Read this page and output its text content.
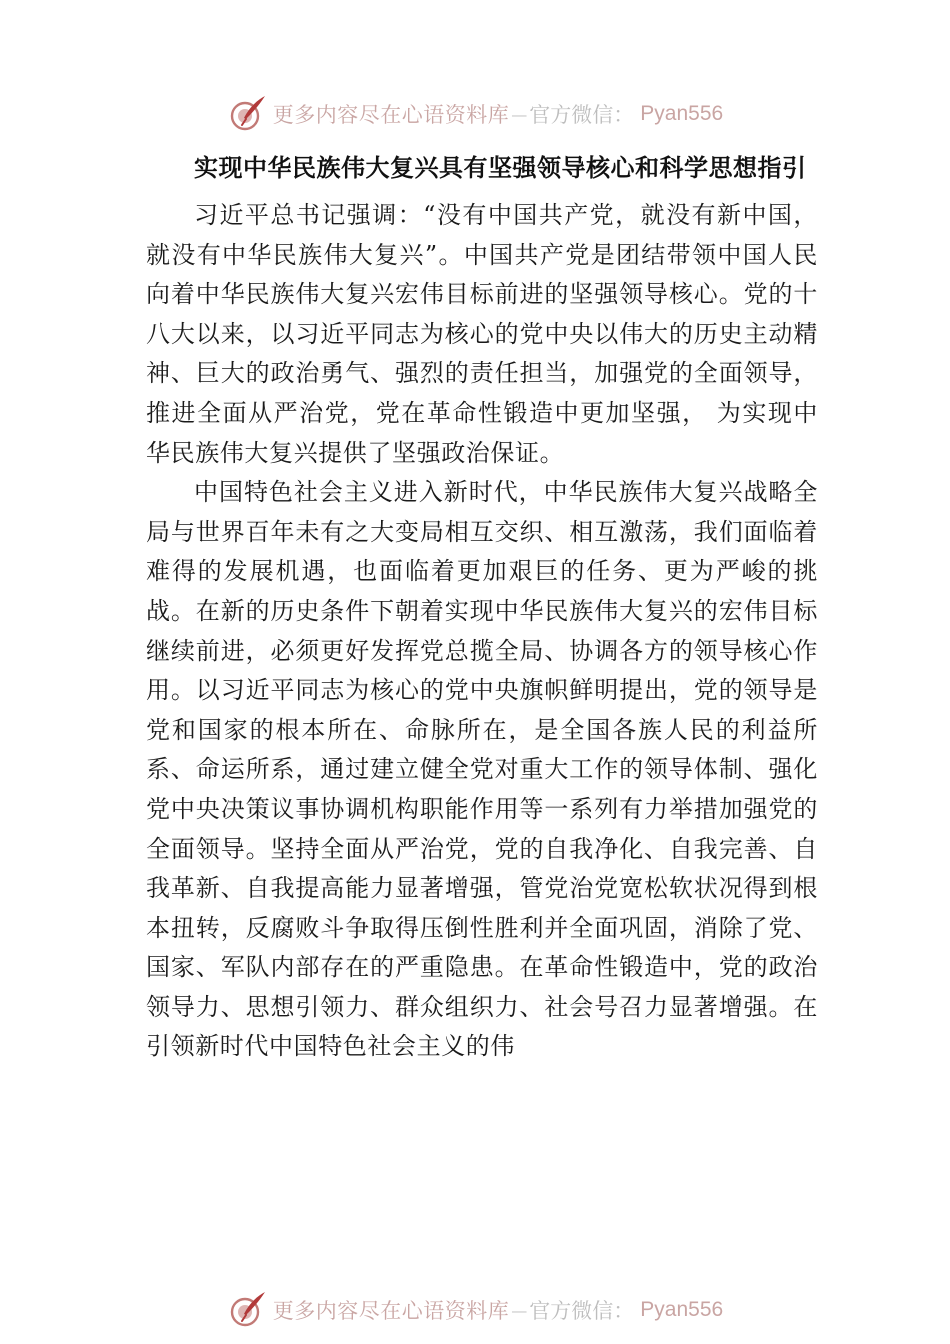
更多内容尽在心语资料库 — 官方微信： Pyan556
实现中华民族伟大复兴具有坚强领导核心和科学思想指引

习近平总书记强调：“没有中国共产党，就没有新中国，就没有中华民族伟大复兴”。中国共产党是团结带领中国人民向着中华民族伟大复兴宏伟目标前进的坚强领导核心。党的十八大以来，以习近平同志为核心的党中央以伟大的历史主动精神、巨大的政治勇气、强烈的责任担当，加强党的全面领导，推进全面从严治党，党在革命性锻造中更加坚强， 为实现中华民族伟大复兴提供了坚强政治保证。

中国特色社会主义进入新时代，中华民族伟大复兴战略全局与世界百年未有之大变局相互交织、相互激荡，我们面临着难得的发展机遇，也面临着更加艰巨的任务、更为严峻的挑战。在新的历史条件下朝着实现中华民族伟大复兴的宏伟目标继续前进，必须更好发挥党总揽全局、协调各方的领导核心作用。以习近平同志为核心的党中央旗帜鲜明提出，党的领导是党和国家的根本所在、命脉所在，是全国各族人民的利益所系、命运所系，通过建立健全党对重大工作的领导体制、强化党中央决策议事协调机构职能作用等一系列有力举措加强党的全面领导。坚持全面从严治党，党的自我净化、自我完善、自我革新、自我提高能力显著增强，管党治党宽松软状况得到根本扭转，反腐败斗争取得压倒性胜利并全面巩固，消除了党、国家、军队内部存在的严重隐患。在革命性锻造中，党的政治领导力、思想引领力、群众组织力、社会号召力显著增强。在引领新时代中国特色社会主义的伟

更多内容尽在心语资料库 — 官方微信： Pyan556
